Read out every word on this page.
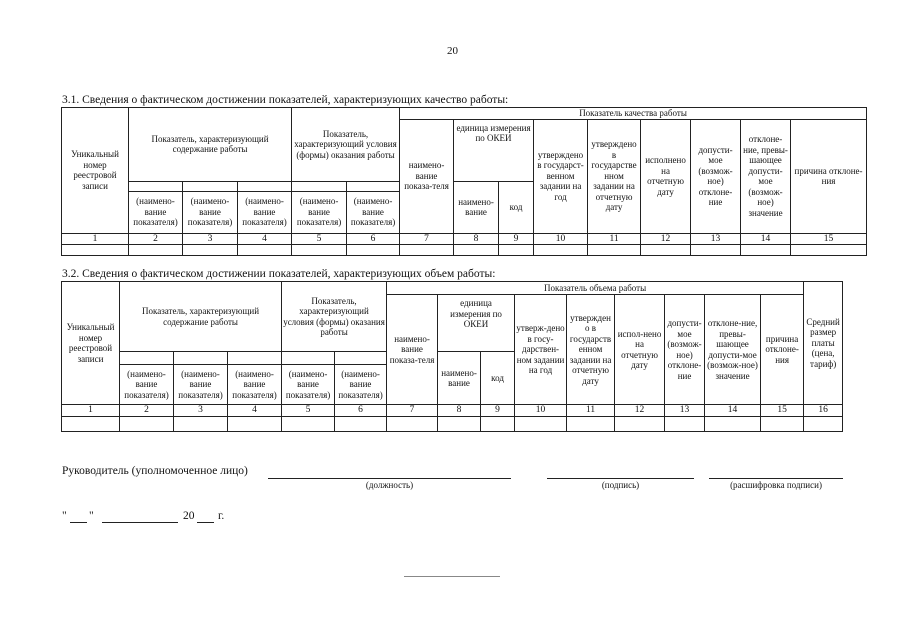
20
3.1. Сведения о фактическом достижении показателей, характеризующих качество работы:
Уникальный номер реестровой записи	Показатель, характеризующий содержание работы			Показатель, характеризующий условия (формы) оказания работы		Показатель качества работы								
						наимено-вание показа-теля	единица измерения по ОКЕИ		утверждено в государст-венном задании на год	утверждено в государстве нном задании на отчетную дату	исполнено на отчетную дату	допусти-мое (возмож-ное) отклоне-ние	отклоне-ние, превы-шающее допусти-мое (возмож-ное) значение	причина отклоне-ния
							наимено-вание	код						
	(наимено-вание показателя)	(наимено-вание показателя)	(наимено-вание показателя)	(наимено-вание показателя)	(наимено-вание показателя)									
1	2	3	4	5	6	7	8	9	10	11	12	13	14	15

3.2. Сведения о фактическом достижении показателей, характеризующих объем работы:
Уникальный номер реестровой записи	Показатель, характеризующий содержание работы			Показатель, характеризующий условия (формы) оказания работы		Показатель объема работы									Средний размер платы (цена, тариф)
						наимено-вание показа-теля	единица измерения по ОКЕИ		утверж-дено в госу-дарствен-ном задании на год	утвержден о в государств енном задании на отчетную дату	испол-нено на отчетную дату	допусти-мое (возмож-ное) отклоне-ние	отклоне-ние, превы-шающее допусти-мое (возмож-ное) значение	причина отклоне-ния	
							наимено-вание	код							
	(наимено-вание показателя)	(наимено-вание показателя)	(наимено-вание показателя)	(наимено-вание показателя)	(наимено-вание показателя)										
1	2	3	4	5	6	7	8	9	10	11	12	13	14	15	16

Руководитель (уполномоченное лицо)
(должность)	(подпись)	(расшифровка подписи)
" "	20 г.
